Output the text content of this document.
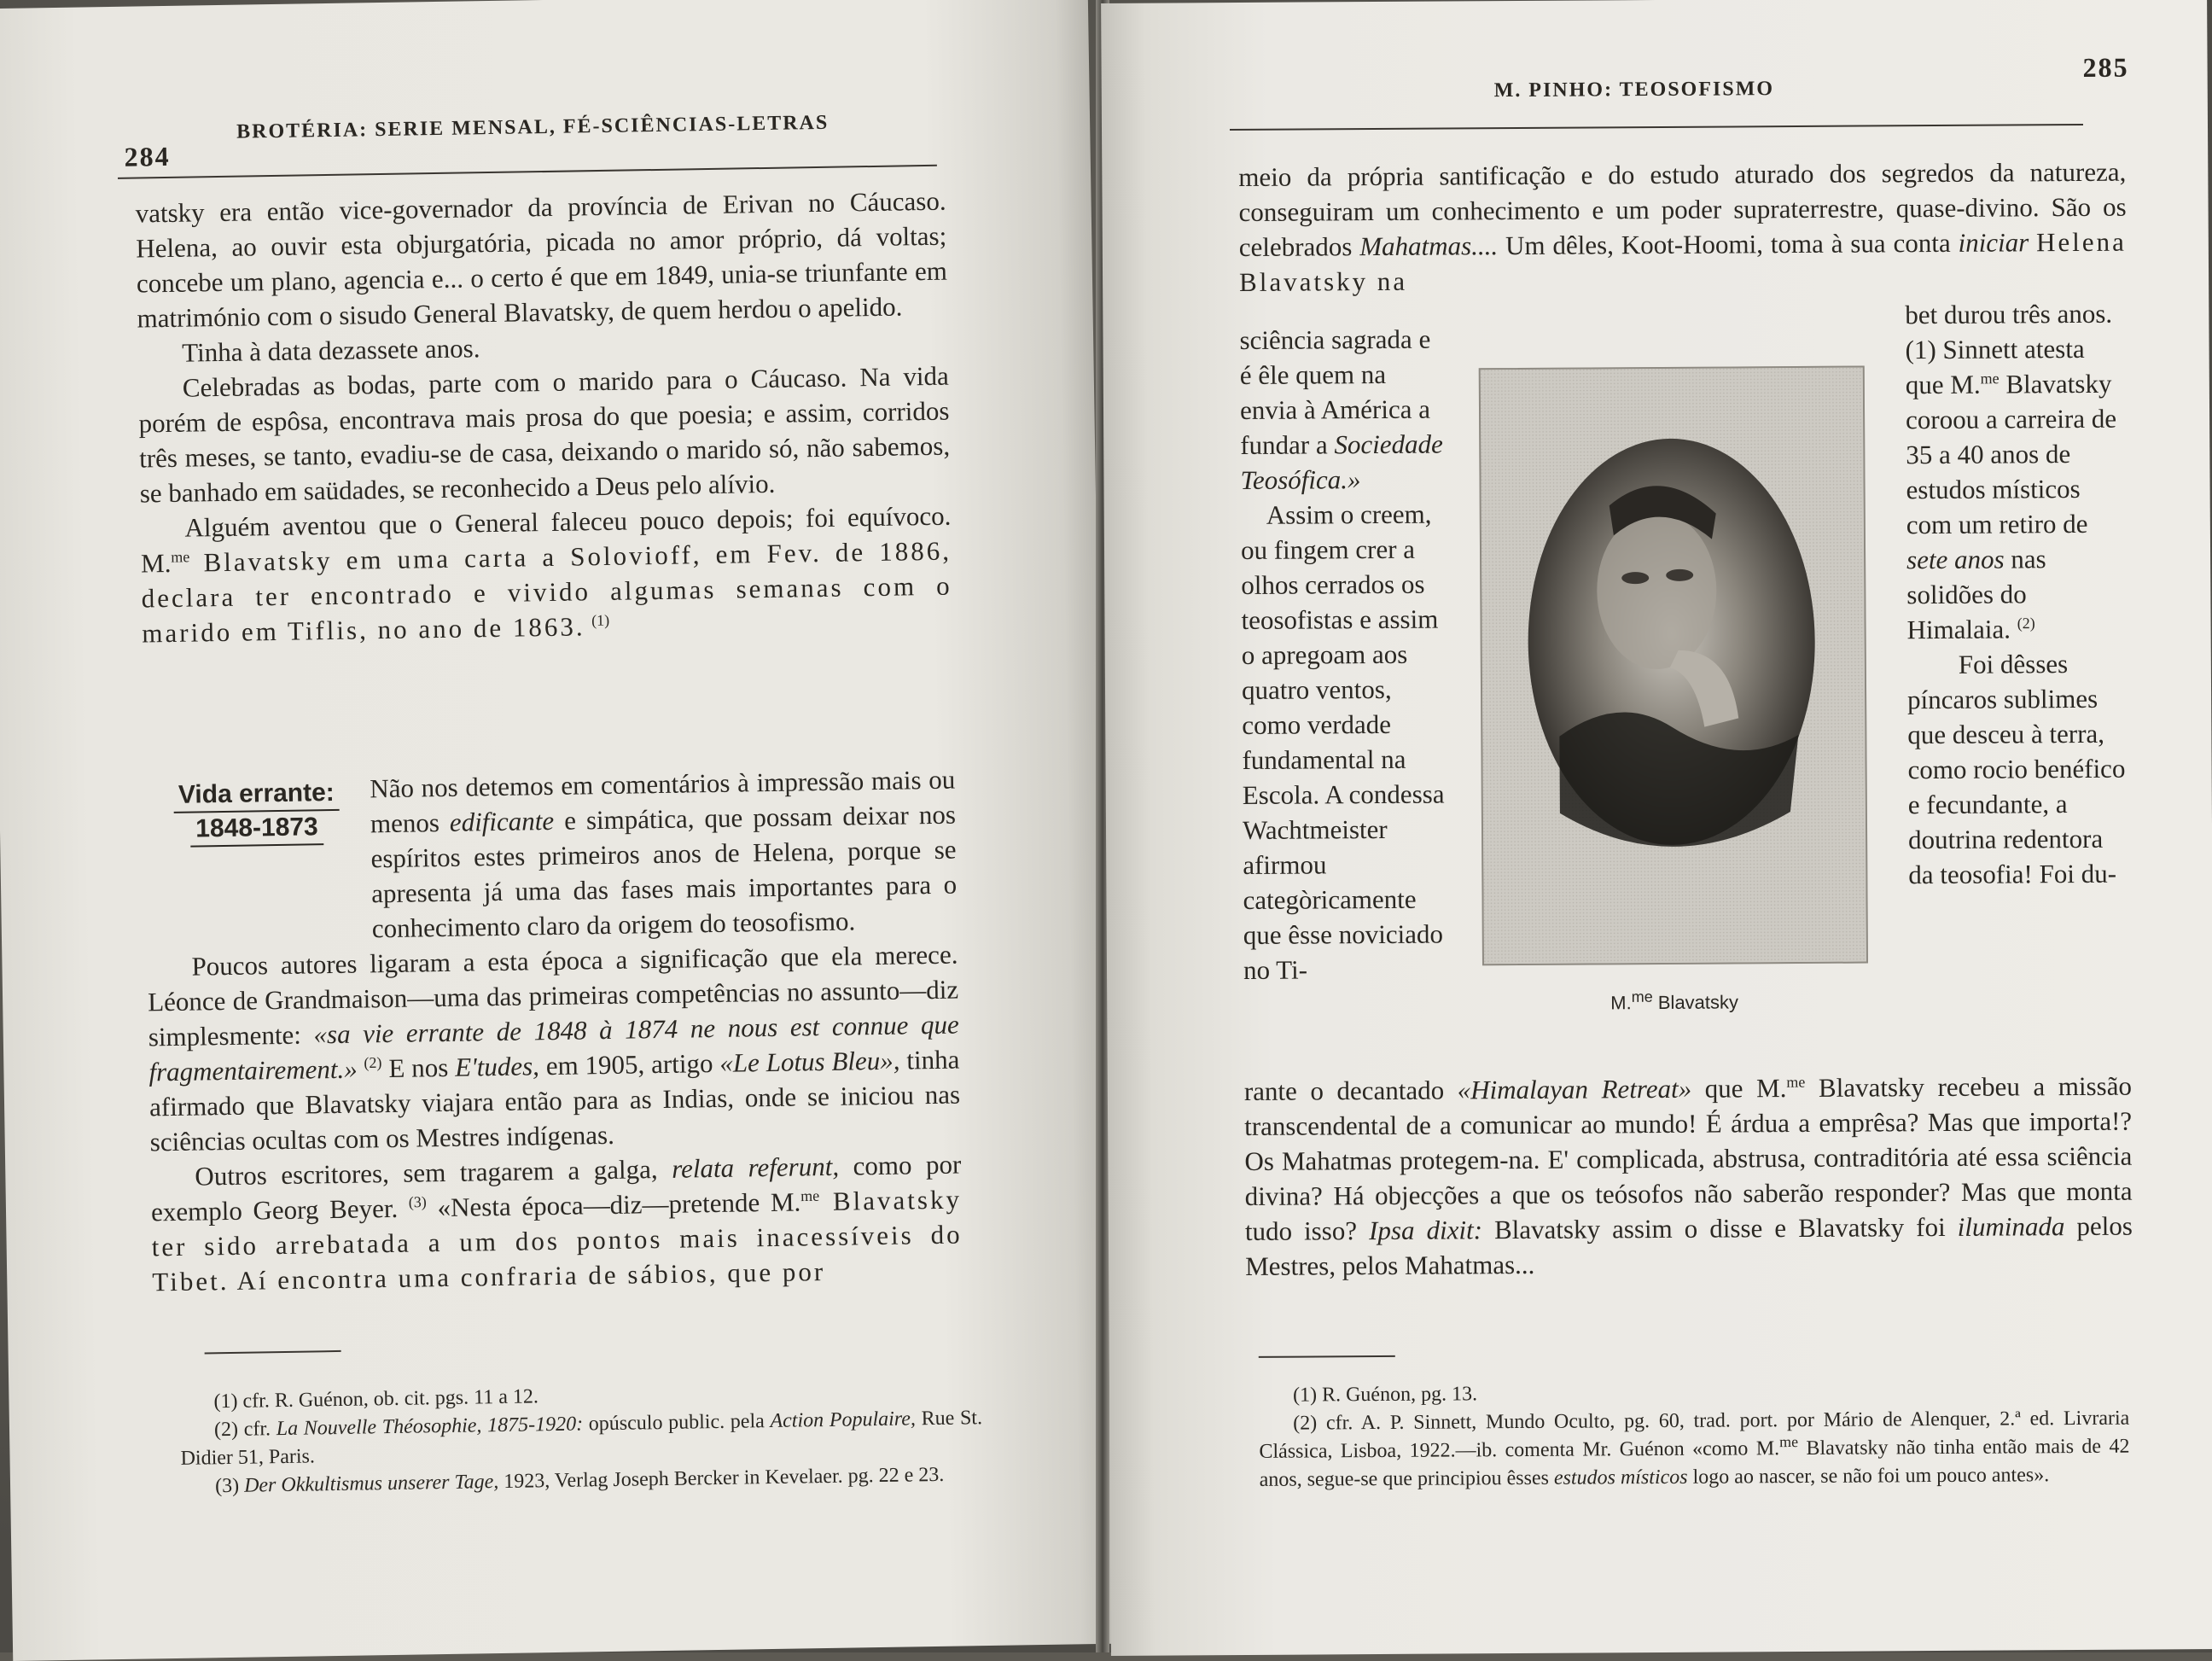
284
BROTÉRIA: SERIE MENSAL, FÉ-SCIÊNCIAS-LETRAS

vatsky era então vice-governador da província de Erivan no Cáucaso. Helena, ao ouvir esta objurgatória, picada no amor próprio, dá voltas; concebe um plano, agencia e... o certo é que em 1849, unia-se triunfante em matrimónio com o sisudo General Blavatsky, de quem herdou o apelido.

Tinha à data dezassete anos.

Celebradas as bodas, parte com o marido para o Cáucaso. Na vida porém de espôsa, encontrava mais prosa do que poesia; e assim, corridos três meses, se tanto, evadiu-se de casa, deixando o marido só, não sabemos, se banhado em saüdades, se reconhecido a Deus pelo alívio.

Alguém aventou que o General faleceu pouco depois; foi equívoco. M.$^{me}$ Blavatsky em uma carta a Solovioff, em Fev. de 1886, declara ter encontrado e vivido algumas semanas com o marido em Tiflis, no ano de 1863. $^{(1)}$

Vida errante:
1848-1873

Não nos detemos em comentários à impressão mais ou menos edificante e simpática, que possam deixar nos espíritos estes primeiros anos de Helena, porque se apresenta já uma das fases mais importantes para o conhecimento claro da origem do teosofismo.

Poucos autores ligaram a esta época a significação que ela merece. Léonce de Grandmaison—uma das primeiras competências no assunto—diz simplesmente: «sa vie errante de 1848 à 1874 ne nous est connue que fragmentairement.» $^{(2)}$ E nos E'tudes, em 1905, artigo «Le Lotus Bleu», tinha afirmado que Blavatsky viajara então para as Indias, onde se iniciou nas sciências ocultas com os Mestres indígenas.

Outros escritores, sem tragarem a galga, relata referunt, como por exemplo Georg Beyer. $^{(3)}$ «Nesta época—diz—pretende M.$^{me}$ Blavatsky ter sido arrebatada a um dos pontos mais inacessíveis do Tibet. Aí encontra uma confraria de sábios, que por

(1) cfr. R. Guénon, ob. cit. pgs. 11 a 12.

(2) cfr. La Nouvelle Théosophie, 1875-1920: opúsculo public. pela Action Populaire, Rue St. Didier 51, Paris.

(3) Der Okkultismus unserer Tage, 1923, Verlag Joseph Bercker in Kevelaer. pg. 22 e 23.

M. PINHO: TEOSOFISMO
285

meio da própria santificação e do estudo aturado dos segredos da natureza, conseguiram um conhecimento e um poder supraterrestre, quase-divino. São os celebrados Mahatmas.... Um dêles, Koot-Hoomi, toma à sua conta iniciar Helena Blavatsky na

sciência sagrada e é êle quem na envia à América a fundar a Sociedade Teosófica.»

Assim o creem, ou fingem crer a olhos cerrados os teosofistas e assim o apregoam aos quatro ventos, como verdade fundamental na Escola. A condessa Wachtmeister afirmou categòricamente que êsse noviciado no Ti-

M.$^{me}$ Blavatsky

bet durou três anos. (1) Sinnett atesta que M.$^{me}$ Blavatsky coroou a carreira de 35 a 40 anos de estudos místicos com um retiro de sete anos nas solidões do Himalaia. $^{(2)}$

Foi dêsses píncaros sublimes que desceu à terra, como rocio benéfico e fecundante, a doutrina redentora da teosofia! Foi du-

rante o decantado «Himalayan Retreat» que M.$^{me}$ Blavatsky recebeu a missão transcendental de a comunicar ao mundo! É árdua a emprêsa? Mas que importa!? Os Mahatmas protegem-na. E' complicada, abstrusa, contraditória até essa sciência divina? Há objecções a que os teósofos não saberão responder? Mas que monta tudo isso? Ipsa dixit: Blavatsky assim o disse e Blavatsky foi iluminada pelos Mestres, pelos Mahatmas...

(1) R. Guénon, pg. 13.

(2) cfr. A. P. Sinnett, Mundo Oculto, pg. 60, trad. port. por Mário de Alenquer, 2.ª ed. Livraria Clássica, Lisboa, 1922.—ib. comenta Mr. Guénon «como M.$^{me}$ Blavatsky não tinha então mais de 42 anos, segue-se que principiou êsses estudos místicos logo ao nascer, se não foi um pouco antes».
